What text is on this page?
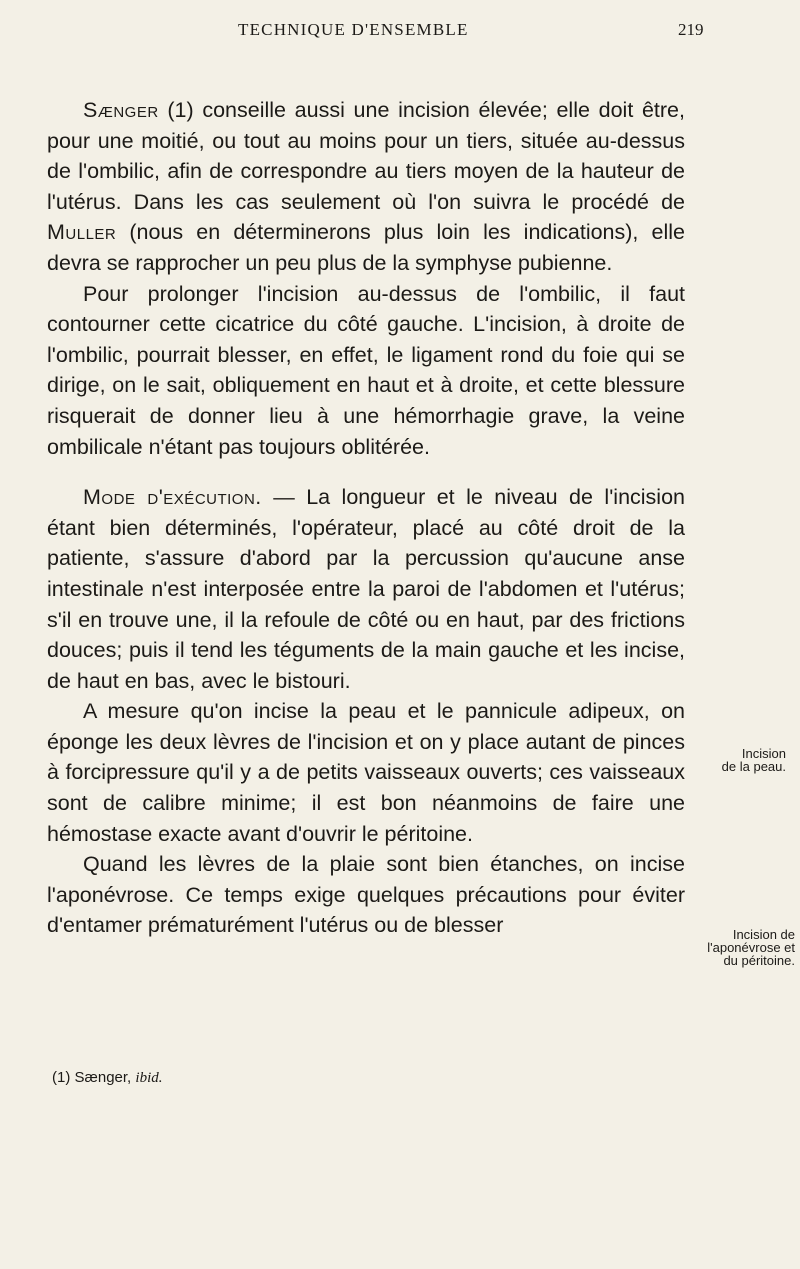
TECHNIQUE D'ENSEMBLE	219

Sænger (1) conseille aussi une incision élevée; elle doit être, pour une moitié, ou tout au moins pour un tiers, située au-dessus de l'ombilic, afin de correspondre au tiers moyen de la hauteur de l'utérus. Dans les cas seulement où l'on suivra le procédé de Muller (nous en déterminerons plus loin les indications), elle devra se rapprocher un peu plus de la symphyse pubienne.

Pour prolonger l'incision au-dessus de l'ombilic, il faut contourner cette cicatrice du côté gauche. L'incision, à droite de l'ombilic, pourrait blesser, en effet, le ligament rond du foie qui se dirige, on le sait, obliquement en haut et à droite, et cette blessure risquerait de donner lieu à une hémorrhagie grave, la veine ombilicale n'étant pas toujours oblitérée.

Mode d'exécution. — La longueur et le niveau de l'incision étant bien déterminés, l'opérateur, placé au côté droit de la patiente, s'assure d'abord par la percussion qu'aucune anse intestinale n'est interposée entre la paroi de l'abdomen et l'utérus; s'il en trouve une, il la refoule de côté ou en haut, par des frictions douces; puis il tend les téguments de la main gauche et les incise, de haut en bas, avec le bistouri.

A mesure qu'on incise la peau et le pannicule adipeux, on éponge les deux lèvres de l'incision et on y place autant de pinces à forcipressure qu'il y a de petits vaisseaux ouverts; ces vaisseaux sont de calibre minime; il est bon néanmoins de faire une hémostase exacte avant d'ouvrir le péritoine.

Quand les lèvres de la plaie sont bien étanches, on incise l'aponévrose. Ce temps exige quelques précautions pour éviter d'entamer prématurément l'utérus ou de blesser

Incision
de la peau.
Incision de
l'aponévrose et
du péritoine.
(1) Sænger, ibid.
